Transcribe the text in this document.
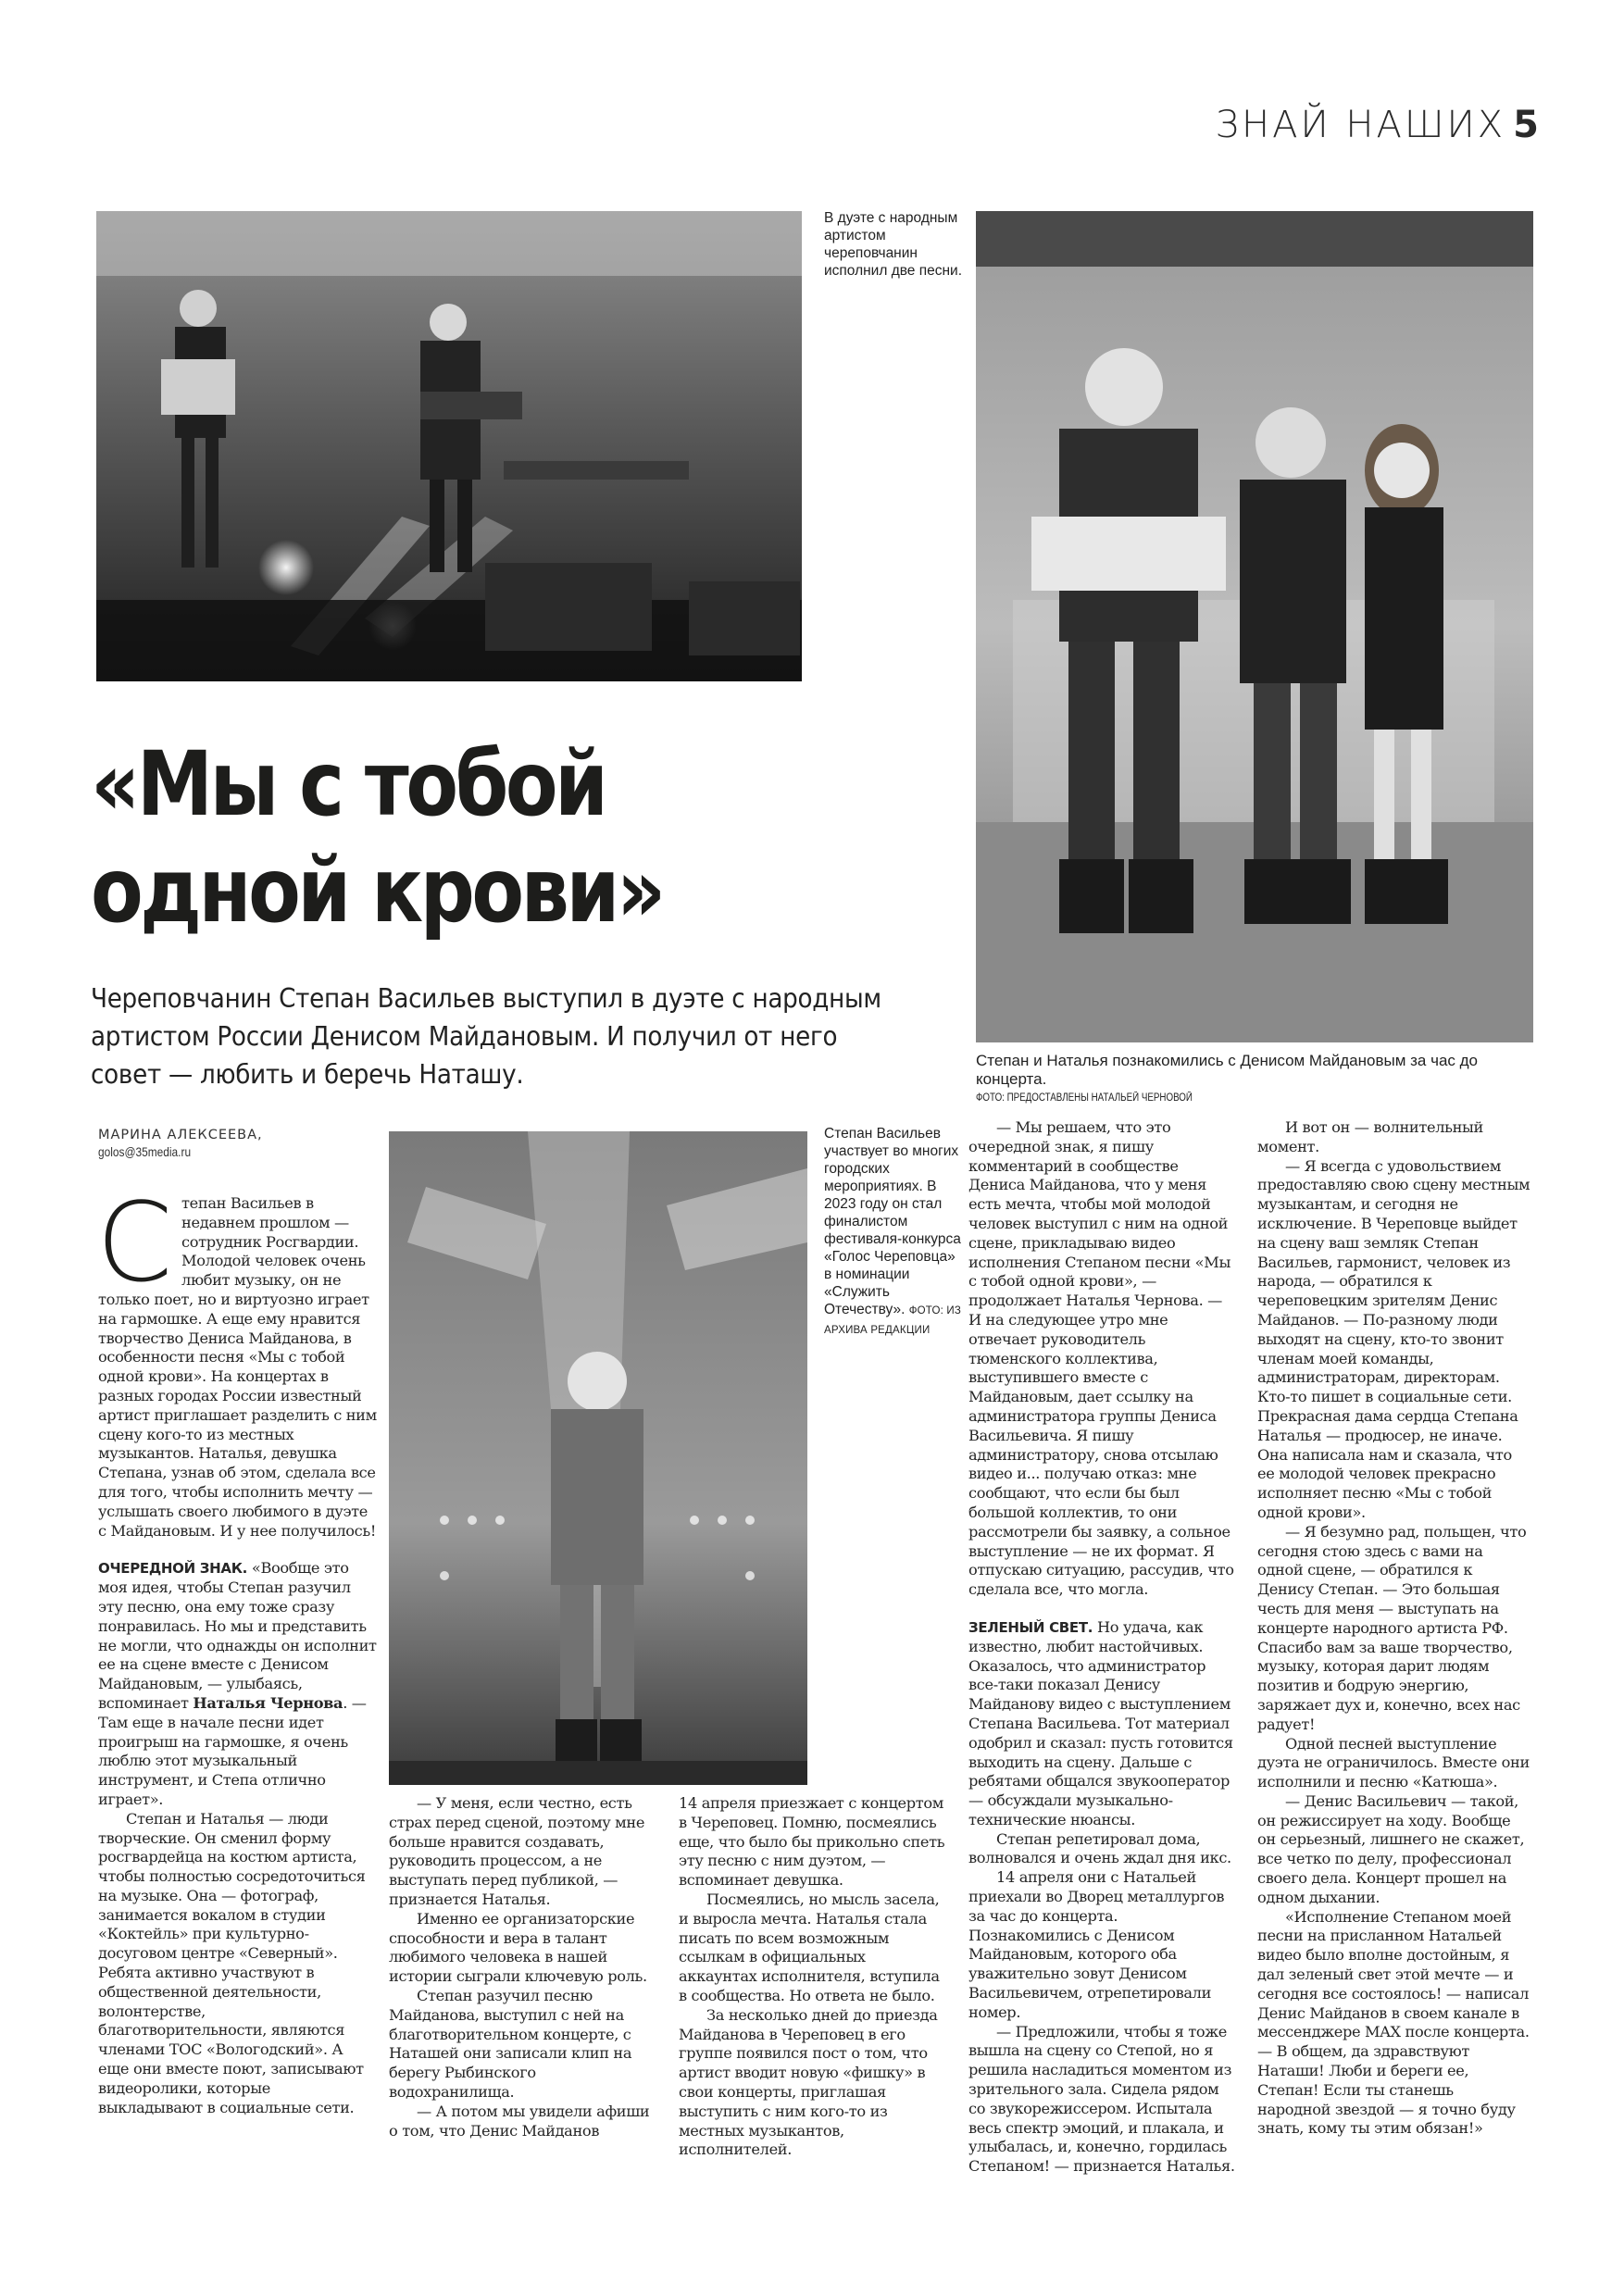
ЗНАЙ НАШИХ 5
В дуэте с народным артистом череповчанин исполнил две песни.
Степан и Наталья познакомились с Денисом Майдановым за час до концерта.
ФОТО: ПРЕДОСТАВЛЕНЫ НАТАЛЬЕЙ ЧЕРНОВОЙ
«Мы с тобой
одной крови»
Череповчанин Степан Васильев выступил в дуэте с народным артистом России Денисом Майдановым. И получил от него совет — любить и беречь Наташу.
МАРИНА АЛЕКСЕЕВА,
golos@35media.ru

Степан Васильев в недавнем прошлом — сотрудник Росгвардии. Молодой человек очень любит музыку, он не только поет, но и виртуозно играет на гармошке. А еще ему нравится творчество Дениса Майданова, в особенности песня «Мы с тобой одной крови». На концертах в разных городах России известный артист приглашает разделить с ним сцену кого-то из местных музыкантов. Наталья, девушка Степана, узнав об этом, сделала все для того, чтобы исполнить мечту — услышать своего любимого в дуэте с Майдановым. И у нее получилось!

ОЧЕРЕДНОЙ ЗНАК. «Вообще это моя идея, чтобы Степан разучил эту песню, она ему тоже сразу понравилась. Но мы и представить не могли, что однажды он исполнит ее на сцене вместе с Денисом Майдановым, — улыбаясь, вспоминает Наталья Чернова. — Там еще в начале песни идет проигрыш на гармошке, я очень люблю этот музыкальный инструмент, и Степа отлично играет».

Степан и Наталья — люди творческие. Он сменил форму росгвардейца на костюм артиста, чтобы полностью сосредоточиться на музыке. Она — фотограф, занимается вокалом в студии «Коктейль» при культурно-досуговом центре «Северный». Ребята активно участвуют в общественной деятельности, волонтерстве, благотворительности, являются членами ТОС «Вологодский». А еще они вместе поют, записывают видеоролики, которые выкладывают в социальные сети.

Степан Васильев участвует во многих городских мероприятиях. В 2023 году он стал финалистом фестиваля-конкурса «Голос Череповца» в номинации «Служить Отечеству». ФОТО: ИЗ АРХИВА РЕДАКЦИИ

— У меня, если честно, есть страх перед сценой, поэтому мне больше нравится создавать, руководить процессом, а не выступать перед публикой, — признается Наталья.

Именно ее организаторские способности и вера в талант любимого человека в нашей истории сыграли ключевую роль.

Степан разучил песню Майданова, выступил с ней на благотворительном концерте, с Наташей они записали клип на берегу Рыбинского водохранилища.

— А потом мы увидели афиши о том, что Денис Майданов

14 апреля приезжает с концертом в Череповец. Помню, посмеялись еще, что было бы прикольно спеть эту песню с ним дуэтом, — вспоминает девушка.

Посмеялись, но мысль засела, и выросла мечта. Наталья стала писать по всем возможным ссылкам в официальных аккаунтах исполнителя, вступила в сообщества. Но ответа не было.

За несколько дней до приезда Майданова в Череповец в его группе появился пост о том, что артист вводит новую «фишку» в свои концерты, приглашая выступить с ним кого-то из местных музыкантов, исполнителей.

— Мы решаем, что это очередной знак, я пишу комментарий в сообществе Дениса Майданова, что у меня есть мечта, чтобы мой молодой человек выступил с ним на одной сцене, прикладываю видео исполнения Степаном песни «Мы с тобой одной крови», — продолжает Наталья Чернова. — И на следующее утро мне отвечает руководитель тюменского коллектива, выступившего вместе с Майдановым, дает ссылку на администратора группы Дениса Васильевича. Я пишу администратору, снова отсылаю видео и... получаю отказ: мне сообщают, что если бы был большой коллектив, то они рассмотрели бы заявку, а сольное выступление — не их формат. Я отпускаю ситуацию, рассудив, что сделала все, что могла.

ЗЕЛЕНЫЙ СВЕТ. Но удача, как известно, любит настойчивых. Оказалось, что администратор все-таки показал Денису Майданову видео с выступлением Степана Васильева. Тот материал одобрил и сказал: пусть готовится выходить на сцену. Дальше с ребятами общался звукооператор — обсуждали музыкально-технические нюансы.

Степан репетировал дома, волновался и очень ждал дня икс.

14 апреля они с Натальей приехали во Дворец металлургов за час до концерта. Познакомились с Денисом Майдановым, которого оба уважительно зовут Денисом Васильевичем, отрепетировали номер.

— Предложили, чтобы я тоже вышла на сцену со Степой, но я решила насладиться моментом из зрительного зала. Сидела рядом со звукорежиссером. Испытала весь спектр эмоций, и плакала, и улыбалась, и, конечно, гордилась Степаном! — признается Наталья.

И вот он — волнительный момент.

— Я всегда с удовольствием предоставляю свою сцену местным музыкантам, и сегодня не исключение. В Череповце выйдет на сцену ваш земляк Степан Васильев, гармонист, человек из народа, — обратился к череповецким зрителям Денис Майданов. — По-разному люди выходят на сцену, кто-то звонит членам моей команды, администраторам, директорам. Кто-то пишет в социальные сети. Прекрасная дама сердца Степана Наталья — продюсер, не иначе. Она написала нам и сказала, что ее молодой человек прекрасно исполняет песню «Мы с тобой одной крови».

— Я безумно рад, польщен, что сегодня стою здесь с вами на одной сцене, — обратился к Денису Степан. — Это большая честь для меня — выступать на концерте народного артиста РФ. Спасибо вам за ваше творчество, музыку, которая дарит людям позитив и бодрую энергию, заряжает дух и, конечно, всех нас радует!

Одной песней выступление дуэта не ограничилось. Вместе они исполнили и песню «Катюша».

— Денис Васильевич — такой, он режиссирует на ходу. Вообще он серьезный, лишнего не скажет, все четко по делу, профессионал своего дела. Концерт прошел на одном дыхании.

«Исполнение Степаном моей песни на присланном Натальей видео было вполне достойным, я дал зеленый свет этой мечте — и сегодня все состоялось! — написал Денис Майданов в своем канале в мессенджере MAX после концерта. — В общем, да здравствуют Наташи! Люби и береги ее, Степан! Если ты станешь народной звездой — я точно буду знать, кому ты этим обязан!»
